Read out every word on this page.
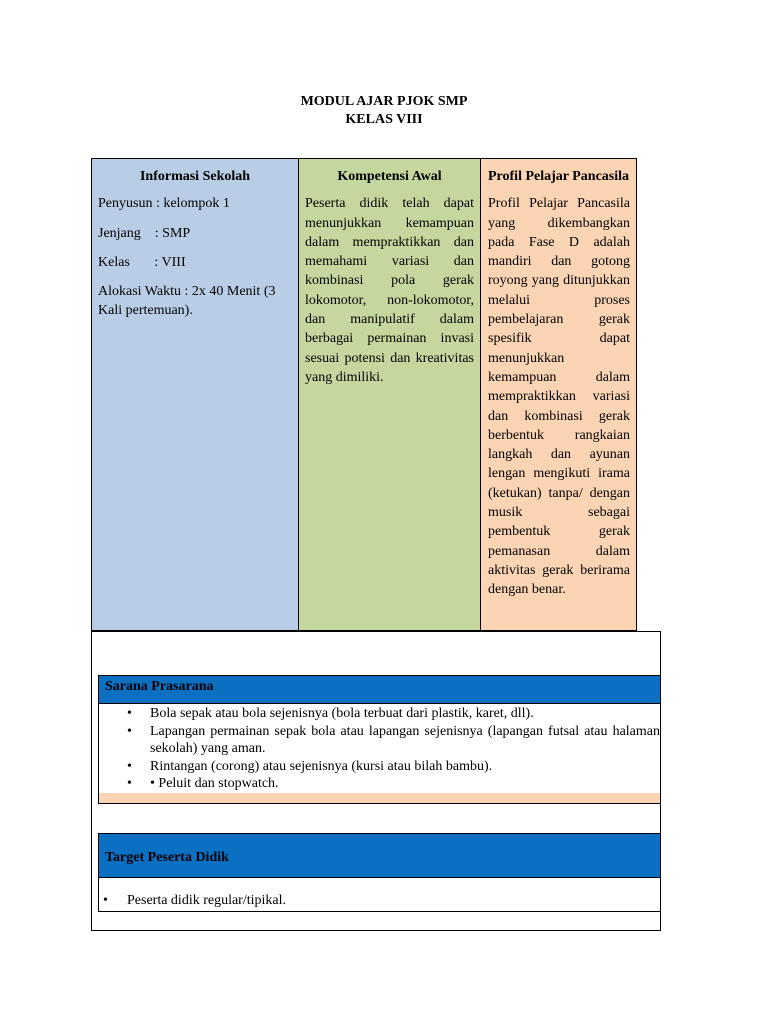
MODUL AJAR PJOK SMP
KELAS VIII
Informasi Sekolah

Penyusun : kelompok 1

Jenjang    : SMP

Kelas       : VIII

Alokasi Waktu : 2x 40 Menit (3 Kali pertemuan).

Kompetensi Awal

Peserta didik telah dapat menunjukkan kemampuan dalam mempraktikkan dan memahami variasi dan kombinasi pola gerak lokomotor, non-lokomotor, dan manipulatif dalam berbagai permainan invasi sesuai potensi dan kreativitas yang dimiliki.

Profil Pelajar Pancasila

Profil Pelajar Pancasila yang dikembangkan pada Fase D adalah mandiri dan gotong royong yang ditunjukkan melalui proses pembelajaran gerak spesifik dapat menunjukkan kemampuan dalam mempraktikkan variasi dan kombinasi gerak berbentuk rangkaian langkah dan ayunan lengan mengikuti irama (ketukan) tanpa/ dengan musik sebagai pembentuk gerak pemanasan dalam aktivitas gerak berirama dengan benar.

Sarana Prasarana
• Bola sepak atau bola sejenisnya (bola terbuat dari plastik, karet, dll).
• Lapangan permainan sepak bola atau lapangan sejenisnya (lapangan futsal atau halaman sekolah) yang aman.
• Rintangan (corong) atau sejenisnya (kursi atau bilah bambu).
• • Peluit dan stopwatch.
Target Peserta Didik
• Peserta didik regular/tipikal.
